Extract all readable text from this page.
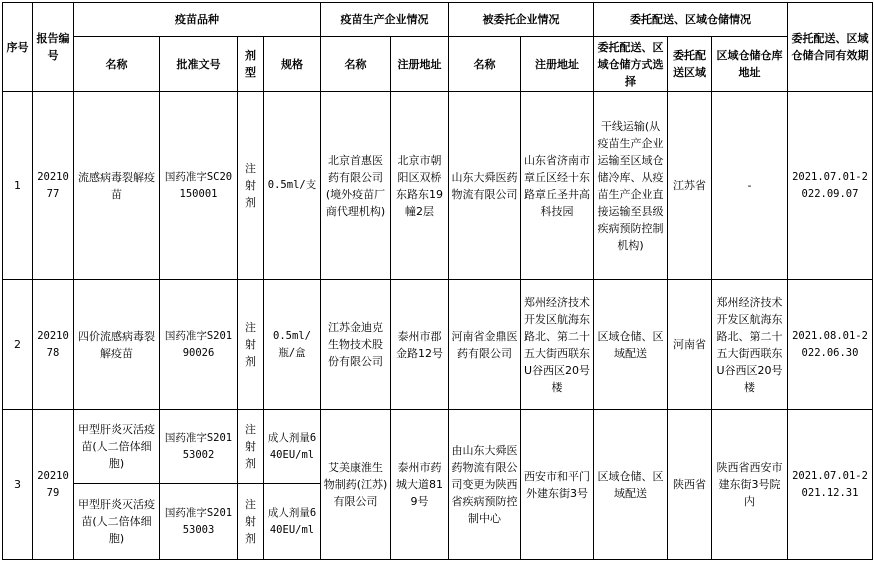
序号	报告编号	疫苗品种				疫苗生产企业情况		被委托企业情况		委托配送、区域仓储情况			委托配送、区域仓储合同有效期
		名称	批准文号	剂型	规格	名称	注册地址	名称	注册地址	委托配送、区域仓储方式选择	委托配送区域	区域仓储仓库地址	
1	2021077	流感病毒裂解疫苗	国药准字SC20150001	注射剂	0.5ml/支	北京首惠医药有限公司(境外疫苗厂商代理机构)	北京市朝阳区双桥东路东19幢2层	山东大舜医药物流有限公司	山东省济南市章丘区经十东路章丘圣井高科技园	干线运输(从疫苗生产企业运输至区域仓储冷库、从疫苗生产企业直接运输至县级疾病预防控制机构)	江苏省	-	2021.07.01-2022.09.07
2	2021078	四价流感病毒裂解疫苗	国药准字S20190026	注射剂	0.5ml/瓶/盒	江苏金迪克生物技术股份有限公司	泰州市郡金路12号	河南省金鼎医药有限公司	郑州经济技术开发区航海东路北、第二十五大街西联东U谷西区20号楼	区域仓储、区域配送	河南省	郑州经济技术开发区航海东路北、第二十五大街西联东U谷西区20号楼	2021.08.01-2022.06.30
3	2021079	甲型肝炎灭活疫苗(人二倍体细胞)	国药准字S20153002	注射剂	成人剂量640EU/ml	艾美康淮生物制药(江苏)有限公司	泰州市药城大道819号	由山东大舜医药物流有限公司变更为陕西省疾病预防控制中心	西安市和平门外建东街3号	区域仓储、区域配送	陕西省	陕西省西安市建东街3号院内	2021.07.01-2021.12.31
		甲型肝炎灭活疫苗(人二倍体细胞)	国药准字S20153003	注射剂	成人剂量640EU/ml								
